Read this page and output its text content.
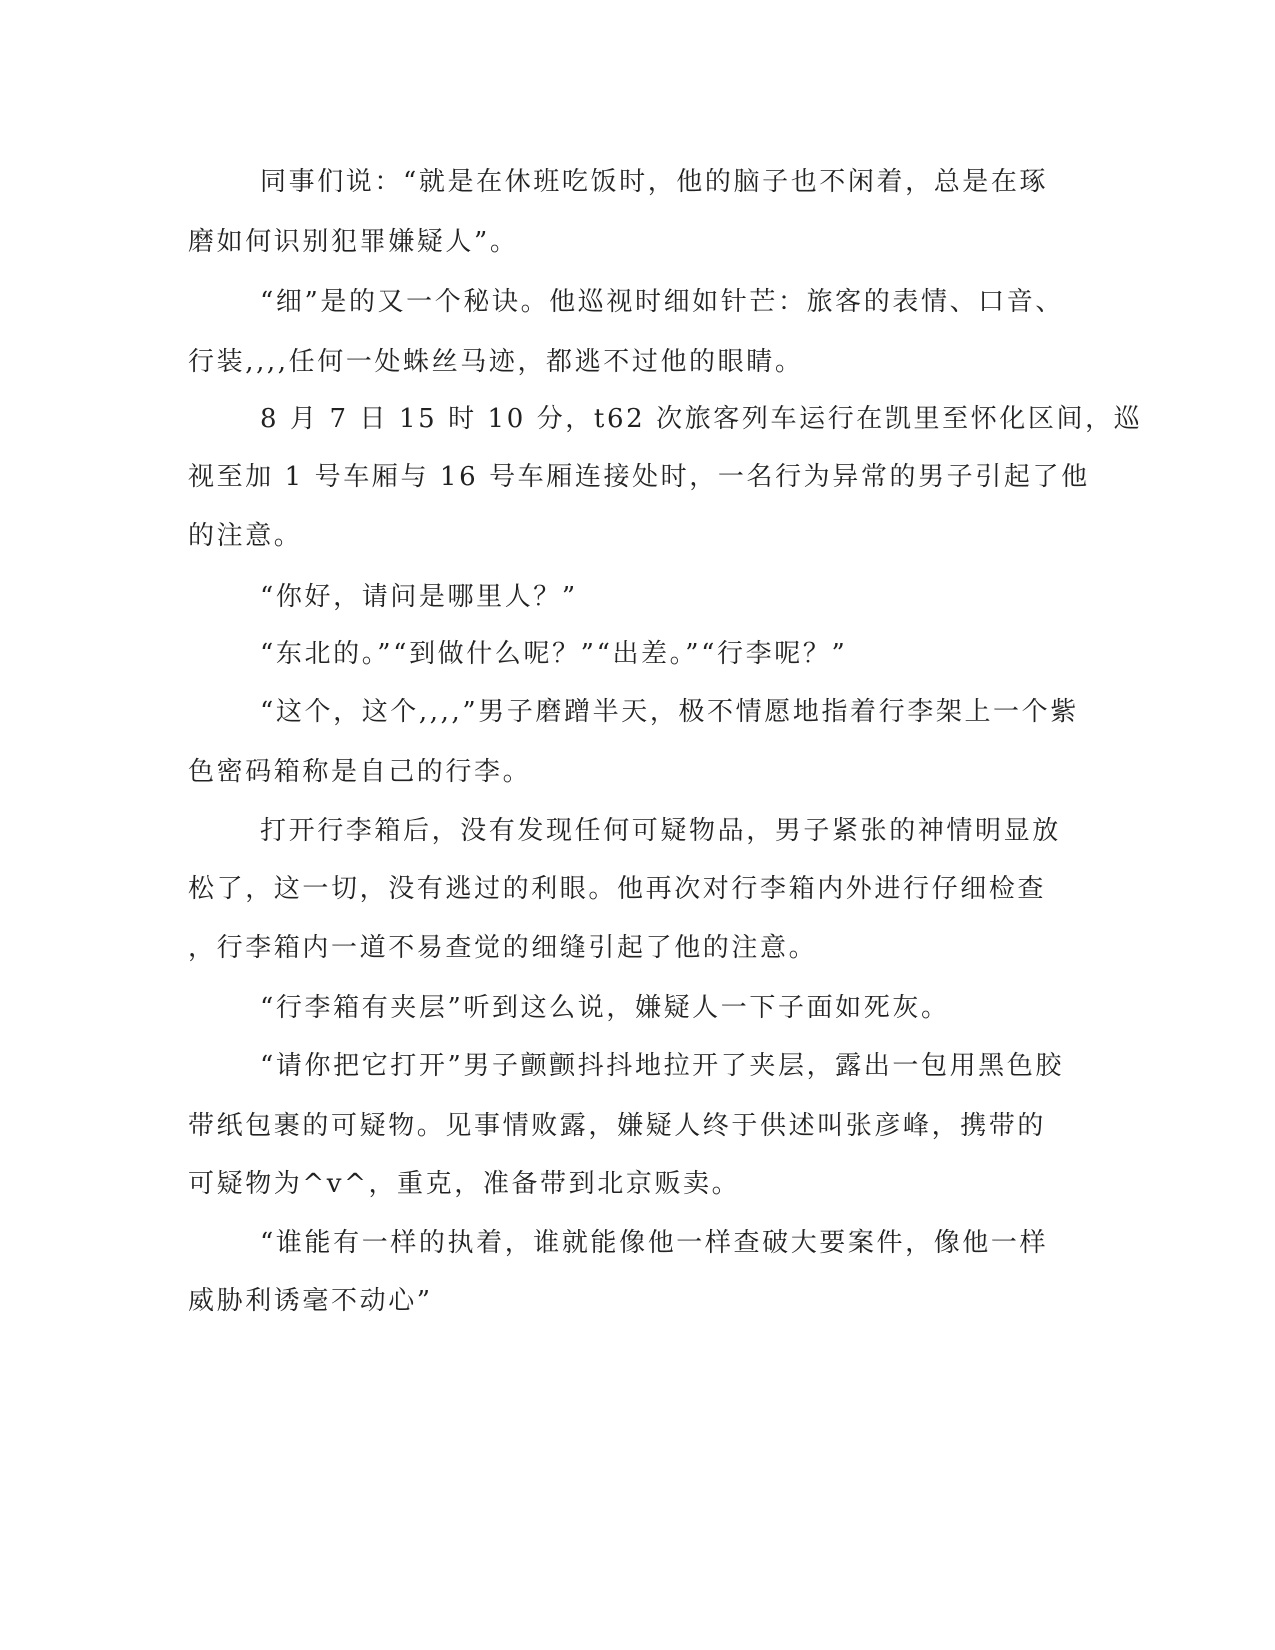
同事们说：“就是在休班吃饭时，他的脑子也不闲着，总是在琢
磨如何识别犯罪嫌疑人”。
“细”是的又一个秘诀。他巡视时细如针芒：旅客的表情、口音、
行装,,,,任何一处蛛丝马迹，都逃不过他的眼睛。
8 月 7 日 15 时 10 分，t62 次旅客列车运行在凯里至怀化区间，巡
视至加 1 号车厢与 16 号车厢连接处时，一名行为异常的男子引起了他
的注意。
“你好，请问是哪里人？”
“东北的。”“到做什么呢？”“出差。”“行李呢？”
“这个，这个,,,,”男子磨蹭半天，极不情愿地指着行李架上一个紫
色密码箱称是自己的行李。
打开行李箱后，没有发现任何可疑物品，男子紧张的神情明显放
松了，这一切，没有逃过的利眼。他再次对行李箱内外进行仔细检查
，行李箱内一道不易查觉的细缝引起了他的注意。
“行李箱有夹层”听到这么说，嫌疑人一下子面如死灰。
“请你把它打开”男子颤颤抖抖地拉开了夹层，露出一包用黑色胶
带纸包裹的可疑物。见事情败露，嫌疑人终于供述叫张彦峰，携带的
可疑物为^v^，重克，准备带到北京贩卖。
“谁能有一样的执着，谁就能像他一样查破大要案件，像他一样
威胁利诱毫不动心”
